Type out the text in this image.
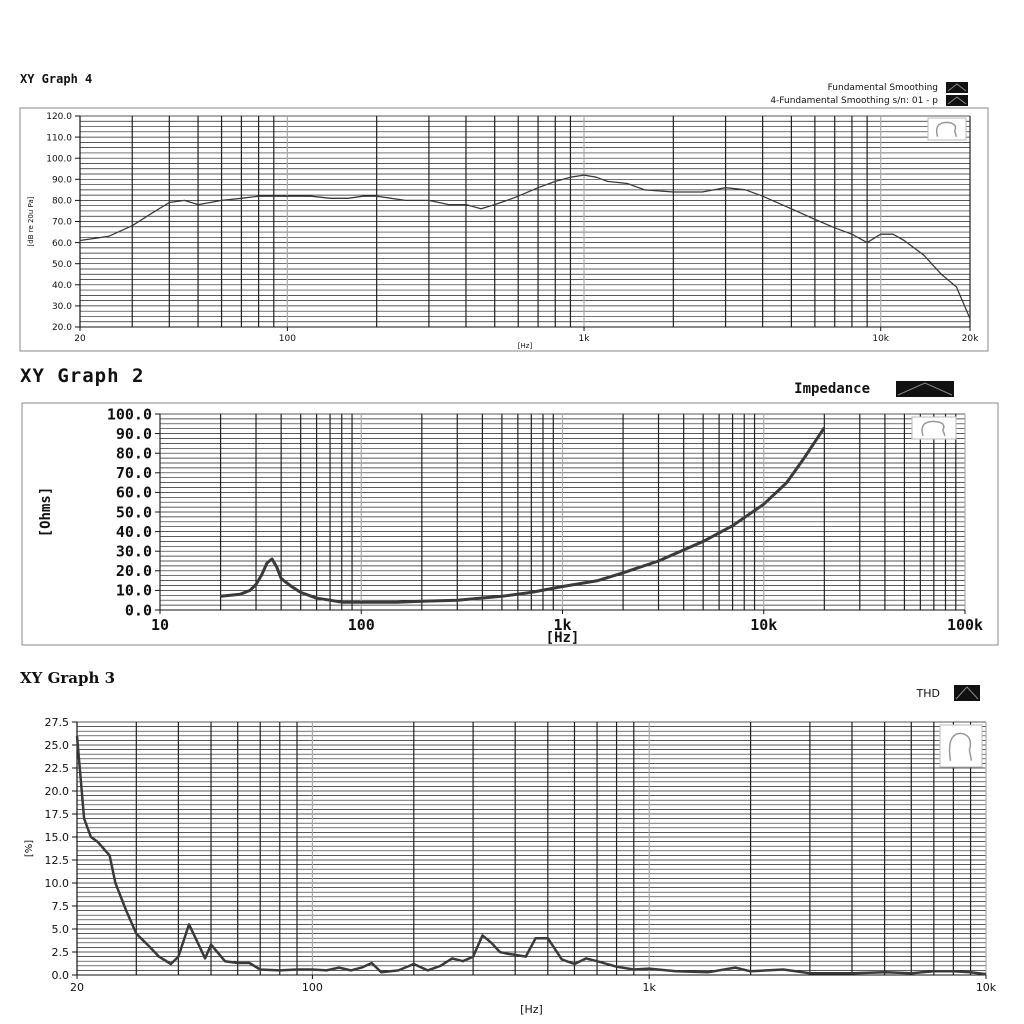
XY Graph 4
Fundamental Smoothing
4-Fundamental Smoothing s/n: 01 - p
120.0
110.0
100.0
90.0
80.0
70.0
60.0
50.0
40.0
30.0
20.0
20	100	1k	10k	20k
[Hz]
[dB re 20u Pa]
XY Graph 2
Impedance
100.0
90.0
80.0
70.0
60.0
50.0
40.0
30.0
20.0
10.0
0.0
10	100	1k	10k	100k
[Hz]
[Ohms]
XY Graph 3
THD
27.5
25.0
22.5
20.0
17.5
15.0
12.5
10.0
7.5
5.0
2.5
0.0
20	100	1k	10k
[Hz]
[%]
